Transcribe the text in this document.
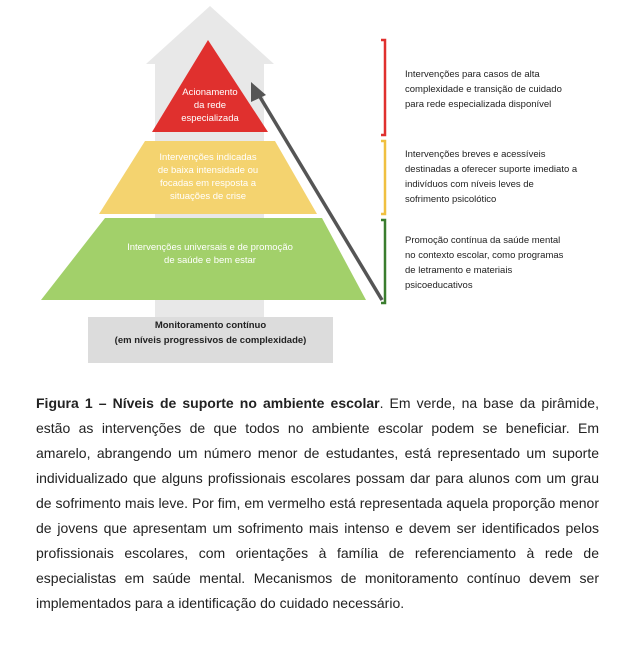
Acionamento
da rede
especializada
Intervenções indicadas
de baixa intensidade ou
focadas em resposta a
situações de crise
Intervenções universais e de promoção
de saúde e bem estar
Monitoramento contínuo
(em níveis progressivos de complexidade)
Intervenções para casos de alta
complexidade e transição de cuidado
para rede especializada disponível
Intervenções breves e acessíveis
destinadas a oferecer suporte imediato a
indivíduos com níveis leves de
sofrimento psicolótico
Promoção contínua da saúde mental
no contexto escolar, como programas
de letramento e materiais
psicoeducativos

Figura 1 – Níveis de suporte no ambiente escolar. Em verde, na base da pirâmide, estão as intervenções de que todos no ambiente escolar podem se beneficiar. Em amarelo, abrangendo um número menor de estudantes, está representado um suporte individualizado que alguns profissionais escolares possam dar para alunos com um grau de sofrimento mais leve. Por fim, em vermelho está representada aquela proporção menor de jovens que apresentam um sofrimento mais intenso e devem ser identificados pelos profissionais escolares, com orientações à família de referenciamento à rede de especialistas em saúde mental. Mecanismos de monitoramento contínuo devem ser implementados para a identificação do cuidado necessário.
